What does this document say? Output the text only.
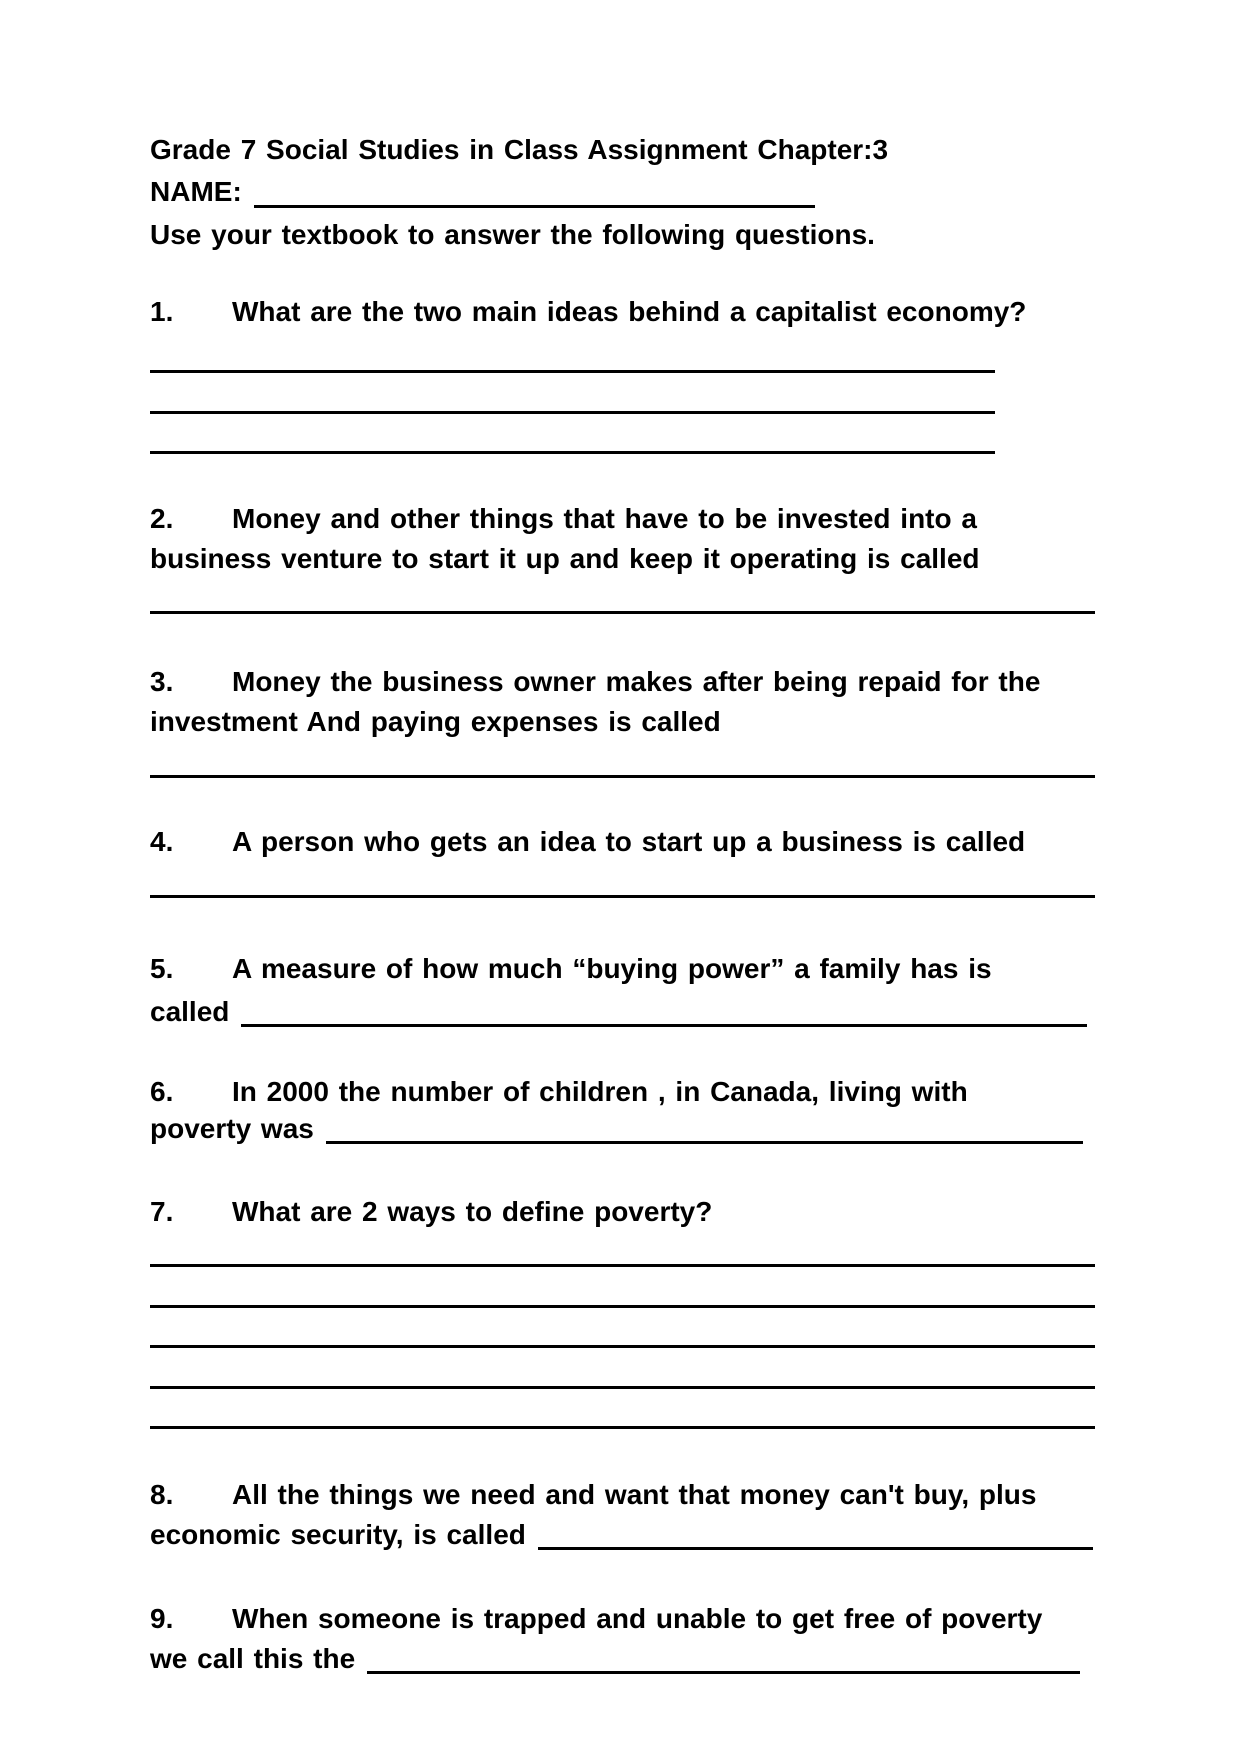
Grade 7 Social Studies in Class Assignment Chapter:3
NAME:
Use your textbook to answer the following questions.
1. What are the two main ideas behind a capitalist economy?
2. Money and other things that have to be invested into a
business venture to start it up and keep it operating is called
3. Money the business owner makes after being repaid for the
investment And paying expenses is called
4. A person who gets an idea to start up a business is called
5. A measure of how much “buying power” a family has is
called
6. In 2000 the number of children , in Canada, living with
poverty was
7. What are 2 ways to define poverty?
8. All the things we need and want that money can't buy, plus
economic security, is called
9. When someone is trapped and unable to get free of poverty
we call this the
